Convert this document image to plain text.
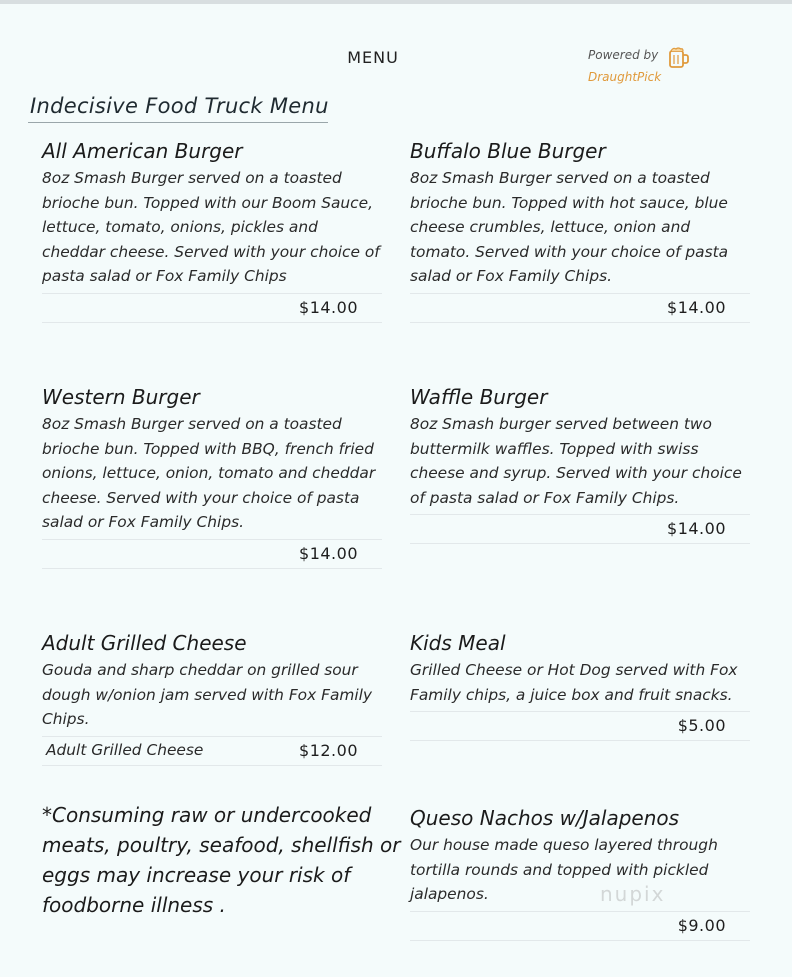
MENU	Powered by
DraughtPick
Indecisive Food Truck Menu
All American Burger
8oz Smash Burger served on a toasted brioche bun. Topped with our Boom Sauce, lettuce, tomato, onions, pickles and cheddar cheese. Served with your choice of pasta salad or Fox Family Chips
$14.00
Buffalo Blue Burger
8oz Smash Burger served on a toasted brioche bun. Topped with hot sauce, blue cheese crumbles, lettuce, onion and tomato. Served with your choice of pasta salad or Fox Family Chips.
$14.00
Western Burger
8oz Smash Burger served on a toasted brioche bun. Topped with BBQ, french fried onions, lettuce, onion, tomato and cheddar cheese. Served with your choice of pasta salad or Fox Family Chips.
$14.00
Waffle Burger
8oz Smash burger served between two buttermilk waffles. Topped with swiss cheese and syrup. Served with your choice of pasta salad or Fox Family Chips.
$14.00
Adult Grilled Cheese
Gouda and sharp cheddar on grilled sour dough w/onion jam served with Fox Family Chips.
Adult Grilled Cheese	$12.00
Kids Meal
Grilled Cheese or Hot Dog served with Fox Family chips, a juice box and fruit snacks.
$5.00
*Consuming raw or undercooked meats, poultry, seafood, shellfish or eggs may increase your risk of foodborne illness .
Queso Nachos w/Jalapenos
Our house made queso layered through tortilla rounds and topped with pickled jalapenos.
$9.00
nupix
